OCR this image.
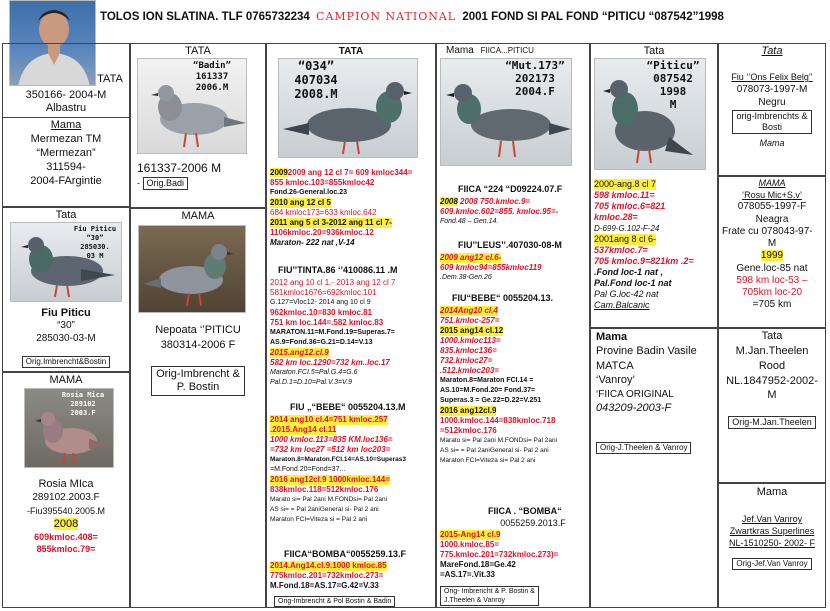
TOLOS ION SLATINA. TLF 0765732234 CAMPION NATIONAL 2001 FOND SI PAL FOND “PITICU “087542”1998
TATA
350166- 2004-M
Albastru
Mama
Mermezan TM
“Mermezan”
311594-
2004-FArgintie
Tata
Fiu Piticu
“30”
285030.
03 M
Fiu Piticu
“30”
285030-03-M
Orig.Imbrencht&Bostin
MAMA
Rosia Mica
289102
2003.F
Rosia MIca
289102.2003.F
-Fiu395540.2005.M
2008
609kmloc.408=
855kmloc.79=
TATA
“Badin”
161337
2006.M
161337-2006 M
- Orig.Badi
MAMA
Nepoata ‘’PITICU
380314-2006 F
Orig-Imbrencht &
P. Bostin
TATA
“034”
407034
2008.M
20092009 ang 12 cl 7= 609 kmloc344=
855 kmloc.103=855kmloc42
Fond.26-General.loc.23
2010 ang 12 cl 5
684 kmloc173=633 kmloc.642
2011 ang 5 cl 3-2012 ang 11 cl 7-
1106kmloc.20=936kmloc.12
Maraton- 222 nat ,V-14
FIU’’TINTA.86 ‘’410086.11 .M
2012 ang 10 cl 1.- 2013 ang 12 cl 7
581kmloc1676=692kmloc.101
G.127=Vloc12- 2014 ang 10 cl 9
962kmloc.10=830 kmloc.81
751 km loc.144=.582 kmloc.83
MARATON.11=M.Fond.19=Superas.7=
AS.9=Fond.36=G.21=D.14=V.13
2015.ang12.cl.9
582 km loc.1290=732 km..loc.17
Maraton.FCI.5=Pal.G.4=G.6
Pal.D.1=D.10=Pal.V.3=V.9
FIU „“BEBE“ 0055204.13.M
2014 ang10 cl.4=751 kmloc.257 .2015.Ang14 cl.11
1000 kmloc.113=835 KM.loc136=
=732 km loc27 =512 km loc203=
Maraton.8=Maraton.FCI.14=AS.10=Superas3
=M.Fond.20=Fond=37...
2016 ang12cl.9 1000kmloc.144=
838kmloc.118=512kmloc.176
Marato si= Pal 2ani M.FONDsi= Pal 2ani
AS si= = Pal 2aniGeneral si- Pal 2 ani
Maraton FCI=Viteza si = Pal 2 ani
FIICA“BOMBA“0055259.13.F
2014.Ang14.cl.9.1000 kmloc.85
775kmloc.201=732kmloc.273=
M.Fond.18=AS.17=G.42=V.33
Orig-Imbrencht & Pol Bostin & Badin
Mama FIICA...PITICU
“Mut.173”
202173
2004.F
FIICA “224 “D09224.07.F
2008 2008 750.kmloc.9=
609.kmloc.602=855. kmloc.95=-
Fond.48 – Gen.14.
FIU’’LEUS’’.407030-08-M
2009 ang12 cl.6-
609 kmloc94=855kmloc119
.Dem.38-Gen.26
FIU“BEBE“ 0055204.13.
2014Ang10 cl.4
751.kmloc-257=
2015 ang14 cl.12
1000.kmloc113=
835.kmloc136=
732.kmloc27=
.512.kmloc203=
Maraton.8=Maraton FCI.14 =
AS.10=M.Fond.20= Fond.37=
Superas.3 = Ge.22=D.22=V.251
2016 ang12cl.9
1000.kmloc.144=838kmloc.718
=512kmloc.176
Marato si= Pal 2ani M.FONDsi= Pal 2ani
AS si= = Pal 2aniGeneral si- Pal 2 ani
Maraton FCI=Viteza si= Pal 2 ani
FIICA . “BOMBA“
0055259.2013.F
2015-Ang14 cl.9
1000.kmloc.85=
775.kmloc.201=732kmloc.273)=
MareFond.18=Ge.42
=AS.17=.Vit.33
Orig- Imbrencht & P. Bostin &
J.Theelen & Vanroy
Tata
“Piticu”
087542
1998
M
2000-ang.8 cl 7
598 kmloc.11=
705 kmloc.6=821
kmloc.28=
D-699-G.102-F-24
2001ang 8 cl 6-
537kmloc.7=
705 kmloc.9=821km .2=
.Fond loc-1 nat ,
Pal.Fond loc-1 nat
Pal G.loc-42 nat
Cam.Balcanic
Mama
Provine Badin Vasile
MATCA
‘Vanroy’
‘FIICA ORIGINAL
043209-2003-F
Orig-J.Theelen & Vanroy
Tata
Fiu ‘’Ons Felix Belg’’
078073-1997-M
Negru
orig-Imbrenchts &
Bosti
Mama
MAMA
‘Rosu Mic+S.v’
078055-1997-F
Neagra
Frate cu 078043-97-
M
1999
Gene.loc-85 nat
598 km loc-53 –
705km loc-20
=705 km
Tata
M.Jan.Theelen
Rood
NL.1847952-2002-
M
Orig-M.Jan.Theelen
Mama
Jef.Van Vanroy
Zwartkras Superlines
NL-1510250- 2002- F
Orig-Jef.Van Vanroy
